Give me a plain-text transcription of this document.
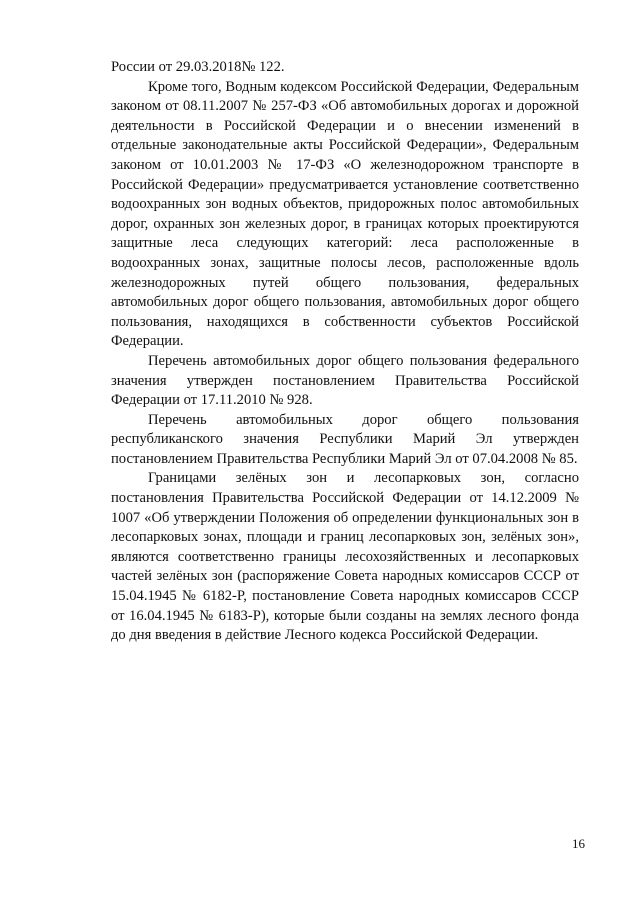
России от 29.03.2018№ 122.

Кроме того, Водным кодексом Российской Федерации, Федеральным законом от 08.11.2007 № 257-ФЗ «Об автомобильных дорогах и дорожной деятельности в Российской Федерации и о внесении изменений в отдельные законодательные акты Российской Федерации», Федеральным законом от 10.01.2003 № 17-ФЗ «О железнодорожном транспорте в Российской Федерации» предусматривается установление соответственно водоохранных зон водных объектов, придорожных полос автомобильных дорог, охранных зон железных дорог, в границах которых проектируются защитные леса следующих категорий: леса расположенные в водоохранных зонах, защитные полосы лесов, расположенные вдоль железнодорожных путей общего пользования, федеральных автомобильных дорог общего пользования, автомобильных дорог общего пользования, находящихся в собственности субъектов Российской Федерации.

Перечень автомобильных дорог общего пользования федерального значения утвержден постановлением Правительства Российской Федерации от 17.11.2010 № 928.

Перечень автомобильных дорог общего пользования республиканского значения Республики Марий Эл утвержден постановлением Правительства Республики Марий Эл от 07.04.2008 № 85.

Границами зелёных зон и лесопарковых зон, согласно постановления Правительства Российской Федерации от 14.12.2009 № 1007 «Об утверждении Положения об определении функциональных зон в лесопарковых зонах, площади и границ лесопарковых зон, зелёных зон», являются соответственно границы лесохозяйственных и лесопарковых частей зелёных зон (распоряжение Совета народных комиссаров СССР от 15.04.1945 № 6182-Р, постановление Совета народных комиссаров СССР от 16.04.1945 № 6183-Р), которые были созданы на землях лесного фонда до дня введения в действие Лесного кодекса Российской Федерации.

16
